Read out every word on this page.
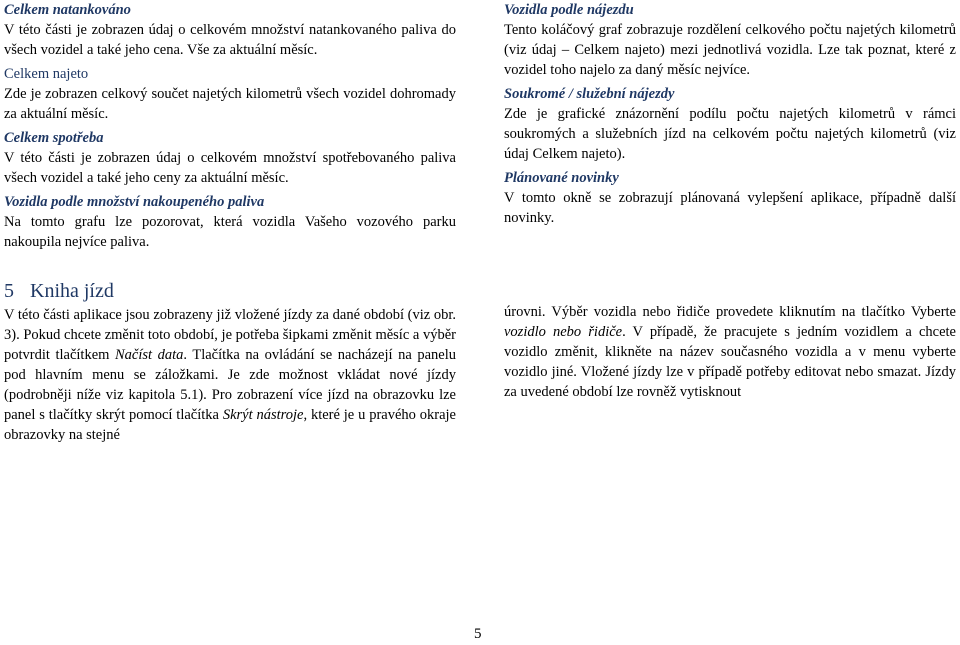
Celkem natankováno

V této části je zobrazen údaj o celkovém množství natankovaného paliva do všech vozidel a také jeho cena. Vše za aktuální měsíc.

Celkem najeto

Zde je zobrazen celkový součet najetých kilometrů všech vozidel dohromady za aktuální měsíc.

Celkem spotřeba

V této části je zobrazen údaj o celkovém množství spotřebovaného paliva všech vozidel a také jeho ceny za aktuální měsíc.

Vozidla podle množství nakoupeného paliva

Na tomto grafu lze pozorovat, která vozidla Vašeho vozového parku nakoupila nejvíce paliva.

Vozidla podle nájezdu

Tento koláčový graf zobrazuje rozdělení celkového počtu najetých kilometrů (viz údaj – Celkem najeto) mezi jednotlivá vozidla. Lze tak poznat, které z vozidel toho najelo za daný měsíc nejvíce.

Soukromé / služební nájezdy

Zde je grafické znázornění podílu počtu najetých kilometrů v rámci soukromých a služebních jízd na celkovém počtu najetých kilometrů (viz údaj Celkem najeto).

Plánované novinky

V tomto okně se zobrazují plánovaná vylepšení aplikace, případně další novinky.

5 Kniha jízd

V této části aplikace jsou zobrazeny již vložené jízdy za dané období (viz obr. 3). Pokud chcete změnit toto období, je potřeba šipkami změnit měsíc a výběr potvrdit tlačítkem Načíst data. Tlačítka na ovládání se nacházejí na panelu pod hlavním menu se záložkami. Je zde možnost vkládat nové jízdy (podrobněji níže viz kapitola 5.1). Pro zobrazení více jízd na obrazovku lze panel s tlačítky skrýt pomocí tlačítka Skrýt nástroje, které je u pravého okraje obrazovky na stejné

úrovni. Výběr vozidla nebo řidiče provedete kliknutím na tlačítko Vyberte vozidlo nebo řidiče. V případě, že pracujete s jedním vozidlem a chcete vozidlo změnit, klikněte na název současného vozidla a v menu vyberte vozidlo jiné. Vložené jízdy lze v případě potřeby editovat nebo smazat. Jízdy za uvedené období lze rovněž vytisknout

5
